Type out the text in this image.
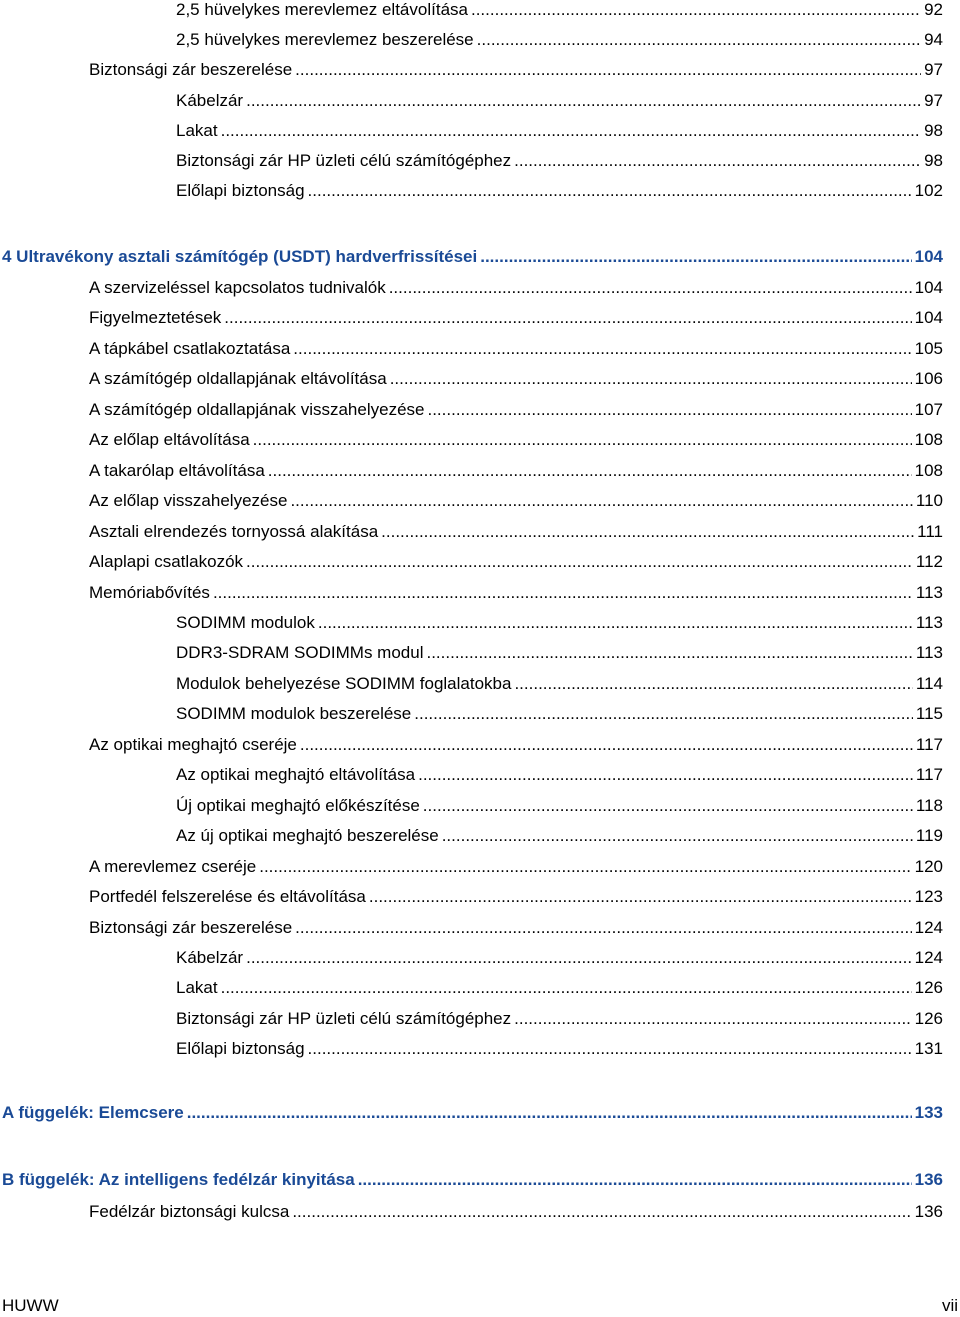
2,5 hüvelykes merevlemez eltávolítása .....	92
2,5 hüvelykes merevlemez beszerelése .....	94
Biztonsági zár beszerelése .....	97
Kábelzár .....	97
Lakat .....	98
Biztonsági zár HP üzleti célú számítógéphez .....	98
Előlapi biztonság .....	102
4 Ultravékony asztali számítógép (USDT) hardverfrissítései .....	104
A szervizeléssel kapcsolatos tudnivalók .....	104
Figyelmeztetések .....	104
A tápkábel csatlakoztatása .....	105
A számítógép oldallapjának eltávolítása .....	106
A számítógép oldallapjának visszahelyezése .....	107
Az előlap eltávolítása .....	108
A takarólap eltávolítása .....	108
Az előlap visszahelyezése .....	110
Asztali elrendezés tornyossá alakítása .....	111
Alaplapi csatlakozók .....	112
Memóriabővítés .....	113
SODIMM modulok .....	113
DDR3-SDRAM SODIMMs modul .....	113
Modulok behelyezése SODIMM foglalatokba .....	114
SODIMM modulok beszerelése .....	115
Az optikai meghajtó cseréje .....	117
Az optikai meghajtó eltávolítása .....	117
Új optikai meghajtó előkészítése .....	118
Az új optikai meghajtó beszerelése .....	119
A merevlemez cseréje .....	120
Portfedél felszerelése és eltávolítása .....	123
Biztonsági zár beszerelése .....	124
Kábelzár .....	124
Lakat .....	126
Biztonsági zár HP üzleti célú számítógéphez .....	126
Előlapi biztonság .....	131
A függelék: Elemcsere .....	133
B függelék: Az intelligens fedélzár kinyitása .....	136
Fedélzár biztonsági kulcsa .....	136
HUWW	vii
